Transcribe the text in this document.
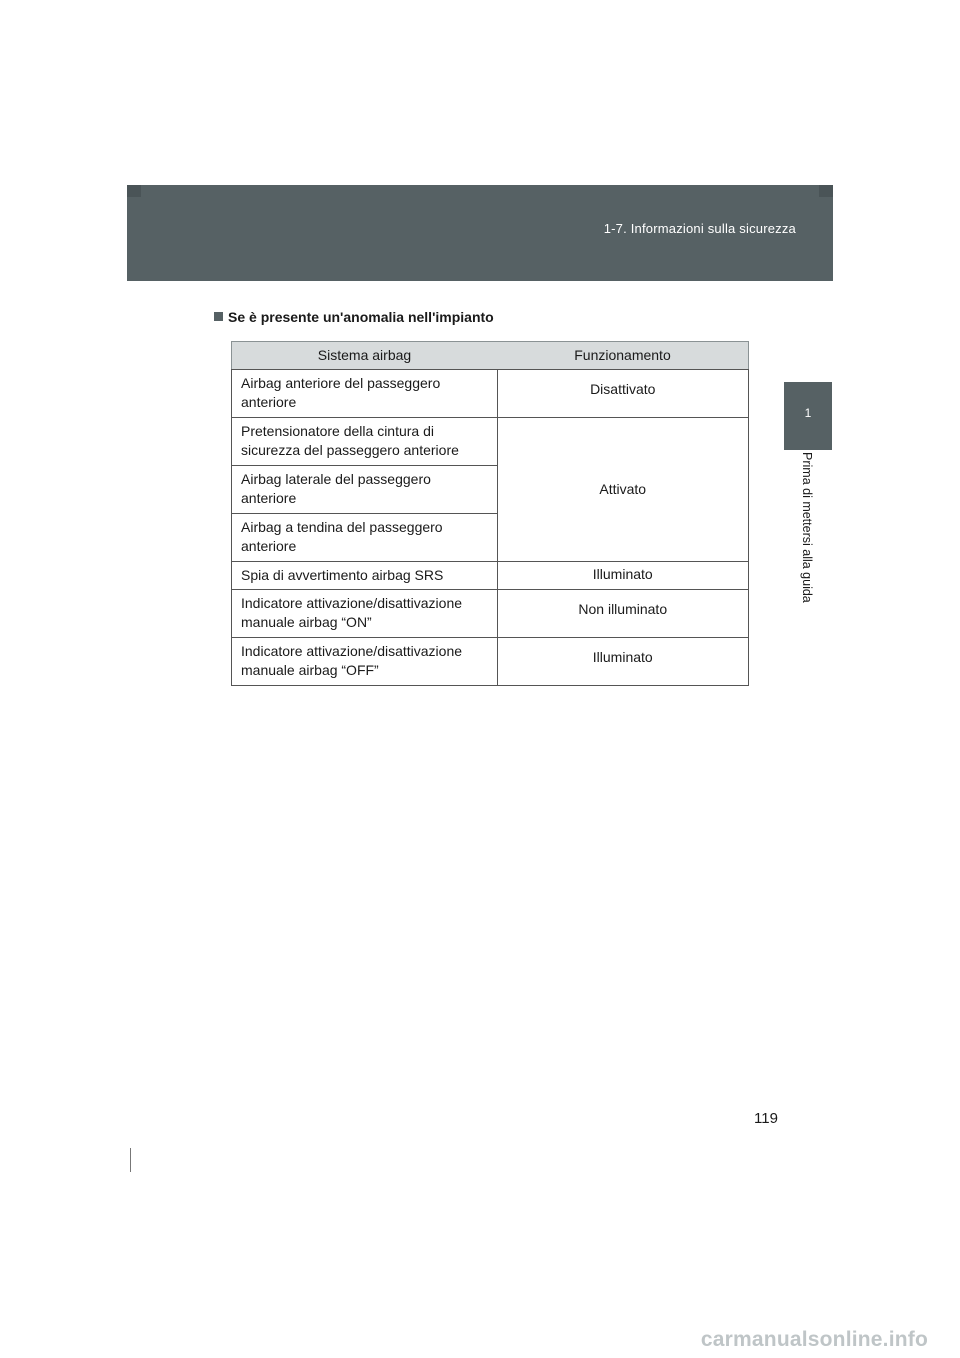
1-7. Informazioni sulla sicurezza
1
Prima di mettersi alla guida
Se è presente un'anomalia nell'impianto
Sistema airbag	Funzionamento
Airbag anteriore del passeggero anteriore	Disattivato
Pretensionatore della cintura di sicurezza del passeggero anteriore	Attivato
Airbag laterale del passeggero anteriore	
Airbag a tendina del passeggero anteriore	
Spia di avvertimento airbag SRS	Illuminato
Indicatore attivazione/disattivazione manuale airbag “ON”	Non illuminato
Indicatore attivazione/disattivazione manuale airbag “OFF”	Illuminato
119
carmanualsonline.info
